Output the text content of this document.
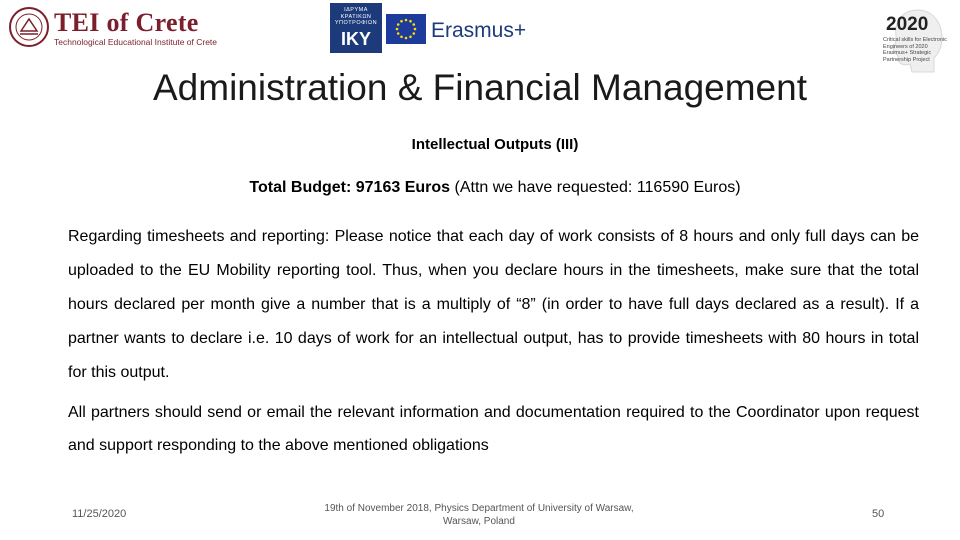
TEI of Crete
Technological Educational Institute of Crete
ΙΔΡΥΜΑ ΚΡΑΤΙΚΩΝ ΥΠΟΤΡΟΦΙΩΝ
IKY	Erasmus+	2020
Critical skills for Electronic Engineers of 2020 Erasmus+ Strategic Partnership Project
Administration & Financial Management
Intellectual Outputs (III)
Total Budget: 97163 Euros (Attn we have requested: 116590 Euros)

Regarding timesheets and reporting: Please notice that each day of work consists of 8 hours and only full days can be uploaded to the EU Mobility reporting tool. Thus, when you declare hours in the timesheets, make sure that the total hours declared per month give a number that is a multiply of “8” (in order to have full days declared as a result). If a partner wants to declare i.e. 10 days of work for an intellectual output, has to provide timesheets with 80 hours in total for this output.

All partners should send or email the relevant information and documentation required to the Coordinator upon request and support responding to the above mentioned obligations

11/25/2020	19th of November 2018, Physics Department of University of Warsaw, Warsaw, Poland
50
